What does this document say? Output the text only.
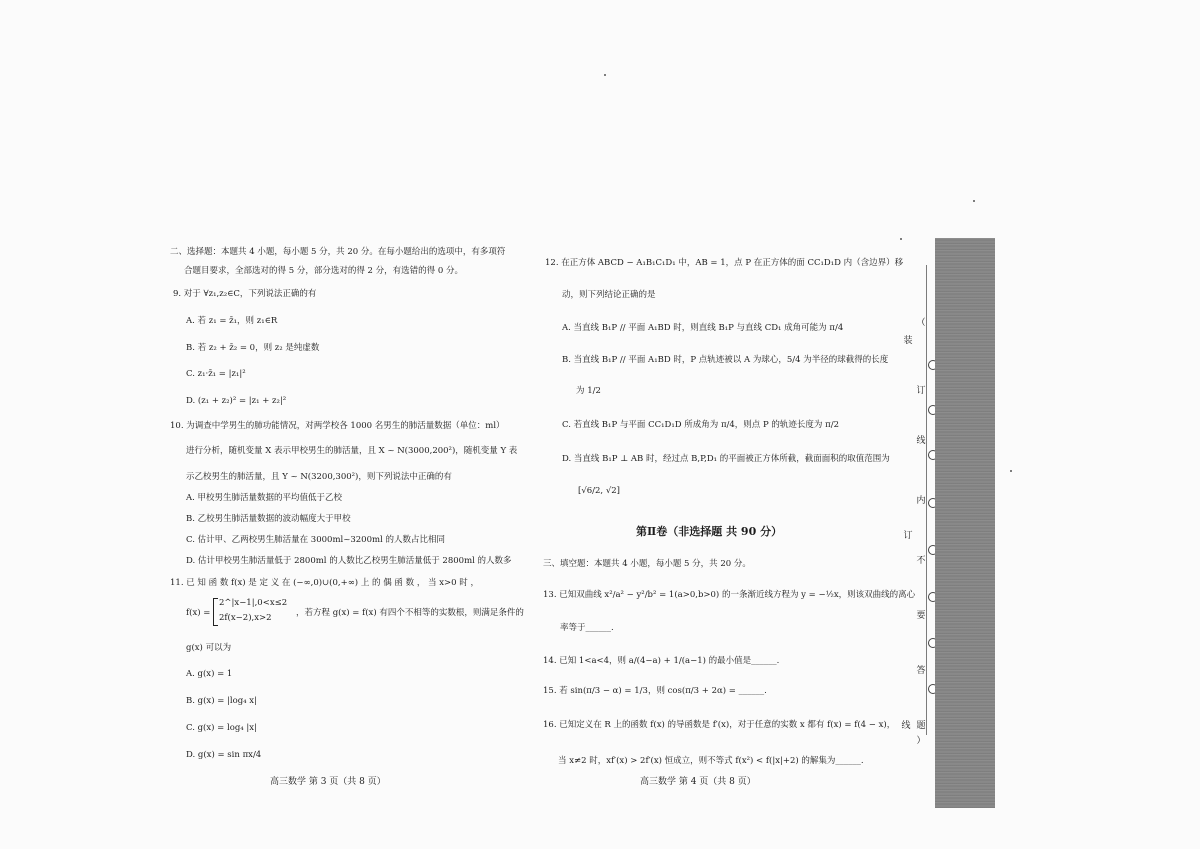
二、选择题：本题共 4 小题，每小题 5 分，共 20 分。在每小题给出的选项中，有多项符
合题目要求，全部选对的得 5 分，部分选对的得 2 分，有选错的得 0 分。
9. 对于 ∀z₁,z₂∈C，下列说法正确的有
A. 若 z₁ = z̄₁，则 z₁∈R
B. 若 z₂ + z̄₂ = 0，则 z₂ 是纯虚数
C. z₁·z̄₁ = |z₁|²
D. (z₁ + z₂)² = |z₁ + z₂|²
10. 为调查中学男生的肺功能情况，对两学校各 1000 名男生的肺活量数据（单位：ml）
进行分析，随机变量 X 表示甲校男生的肺活量，且 X ~ N(3000,200²)，随机变量 Y 表
示乙校男生的肺活量，且 Y ~ N(3200,300²)，则下列说法中正确的有
A. 甲校男生肺活量数据的平均值低于乙校
B. 乙校男生肺活量数据的波动幅度大于甲校
C. 估计甲、乙两校男生肺活量在 3000ml~3200ml 的人数占比相同
D. 估计甲校男生肺活量低于 2800ml 的人数比乙校男生肺活量低于 2800ml 的人数多
11. 已 知 函 数 f(x) 是 定 义 在 (−∞,0)∪(0,+∞) 上 的 偶 函 数 ， 当 x>0 时 ，
f(x) =
2^|x−1|,0<x≤2
2f(x−2),x>2	，若方程 g(x) = f(x) 有四个不相等的实数根，则满足条件的
g(x) 可以为
A. g(x) = 1
B. g(x) = |log₄ x|
C. g(x) = log₄ |x|
D. g(x) = sin πx/4
高三数学 第 3 页（共 8 页）
12. 在正方体 ABCD − A₁B₁C₁D₁ 中，AB = 1，点 P 在正方体的面 CC₁D₁D 内（含边界）移
动，则下列结论正确的是
A. 当直线 B₁P // 平面 A₁BD 时，则直线 B₁P 与直线 CD₁ 成角可能为 π/4
B. 当直线 B₁P // 平面 A₁BD 时，P 点轨迹被以 A 为球心，5/4 为半径的球截得的长度
为 1/2
C. 若直线 B₁P 与平面 CC₁D₁D 所成角为 π/4，则点 P 的轨迹长度为 π/2
D. 当直线 B₁P ⊥ AB 时，经过点 B,P,D₁ 的平面被正方体所截，截面面积的取值范围为
[√6/2, √2]
第Ⅱ卷（非选择题 共 90 分）
三、填空题：本题共 4 小题，每小题 5 分，共 20 分。
13. 已知双曲线 x²/a² − y²/b² = 1(a>0,b>0) 的一条渐近线方程为 y = −½x，则该双曲线的离心
率等于______.
14. 已知 1<a<4，则 a/(4−a) + 1/(a−1) 的最小值是______.
15. 若 sin(π/3 − α) = 1/3，则 cos(π/3 + 2α) = ______.
16. 已知定义在 R 上的函数 f(x) 的导函数是 f′(x)，对于任意的实数 x 都有 f(x) = f(4 − x)，
当 x≠2 时，xf′(x) > 2f′(x) 恒成立，则不等式 f(x²) < f(|x|+2) 的解集为______.
高三数学 第 4 页（共 8 页）
（
装
订
线
内
订
不
要
答
线 题
）
